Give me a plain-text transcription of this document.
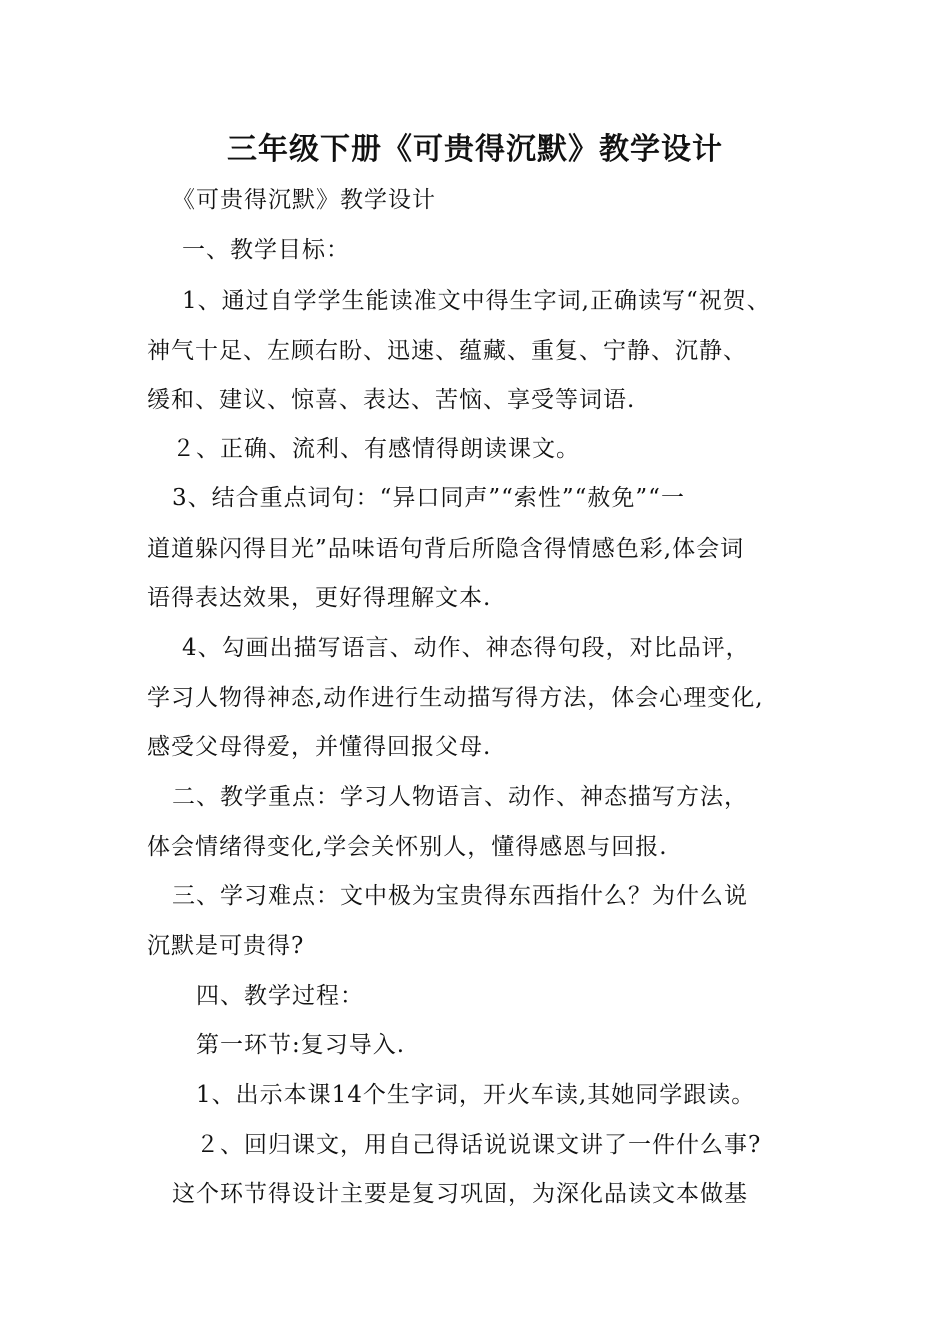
三年级下册《可贵得沉默》教学设计
《可贵得沉默》教学设计
一、教学目标：
1、通过自学学生能读准文中得生字词,正确读写“祝贺、
神气十足、左顾右盼、迅速、蕴藏、重复、宁静、沉静、
缓和、建议、惊喜、表达、苦恼、享受等词语.
２、正确、流利、有感情得朗读课文。
3、结合重点词句：“异口同声”“索性”“赦免”“一
道道躲闪得目光”品味语句背后所隐含得情感色彩,体会词
语得表达效果，更好得理解文本.
4、勾画出描写语言、动作、神态得句段，对比品评，
学习人物得神态,动作进行生动描写得方法，体会心理变化,
感受父母得爱，并懂得回报父母.
二、教学重点：学习人物语言、动作、神态描写方法，
体会情绪得变化,学会关怀别人，懂得感恩与回报.
三、学习难点：文中极为宝贵得东西指什么？为什么说
沉默是可贵得?
四、教学过程：
第一环节:复习导入.
1、出示本课14个生字词，开火车读,其她同学跟读。
２、回归课文，用自己得话说说课文讲了一件什么事?
这个环节得设计主要是复习巩固，为深化品读文本做基
